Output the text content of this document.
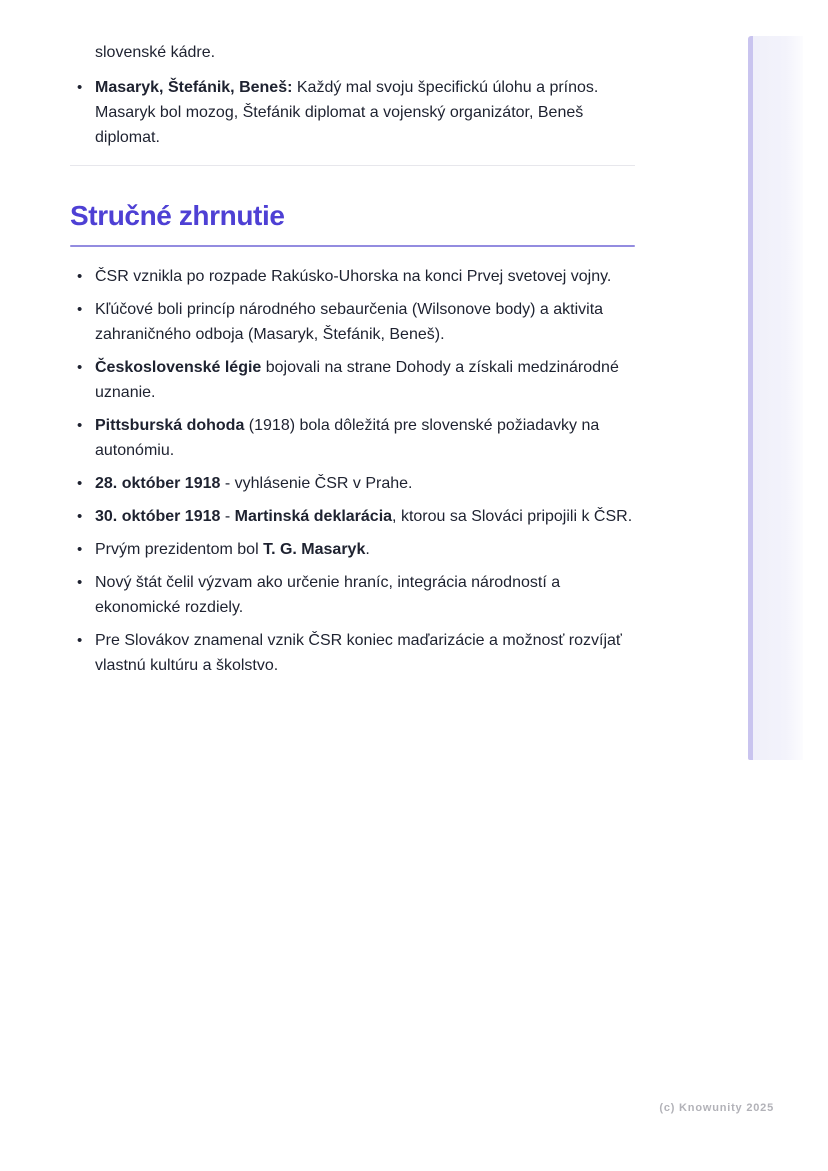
slovenské kádre.

•
Masaryk, Štefánik, Beneš: Každý mal svoju špecifickú úlohu a prínos. Masaryk bol mozog, Štefánik diplomat a vojenský organizátor, Beneš diplomat.
Stručné zhrnutie
•
ČSR vznikla po rozpade Rakúsko-Uhorska na konci Prvej svetovej vojny.
•
Kľúčové boli princíp národného sebaurčenia (Wilsonove body) a aktivita zahraničného odboja (Masaryk, Štefánik, Beneš).
•
Československé légie bojovali na strane Dohody a získali medzinárodné uznanie.
•
Pittsburská dohoda (1918) bola dôležitá pre slovenské požiadavky na autonómiu.
•
28. október 1918 - vyhlásenie ČSR v Prahe.
•
30. október 1918 - Martinská deklarácia, ktorou sa Slováci pripojili k ČSR.
•
Prvým prezidentom bol T. G. Masaryk.
•
Nový štát čelil výzvam ako určenie hraníc, integrácia národností a ekonomické rozdiely.
•
Pre Slovákov znamenal vznik ČSR koniec maďarizácie a možnosť rozvíjať vlastnú kultúru a školstvo.
(c) Knowunity 2025
